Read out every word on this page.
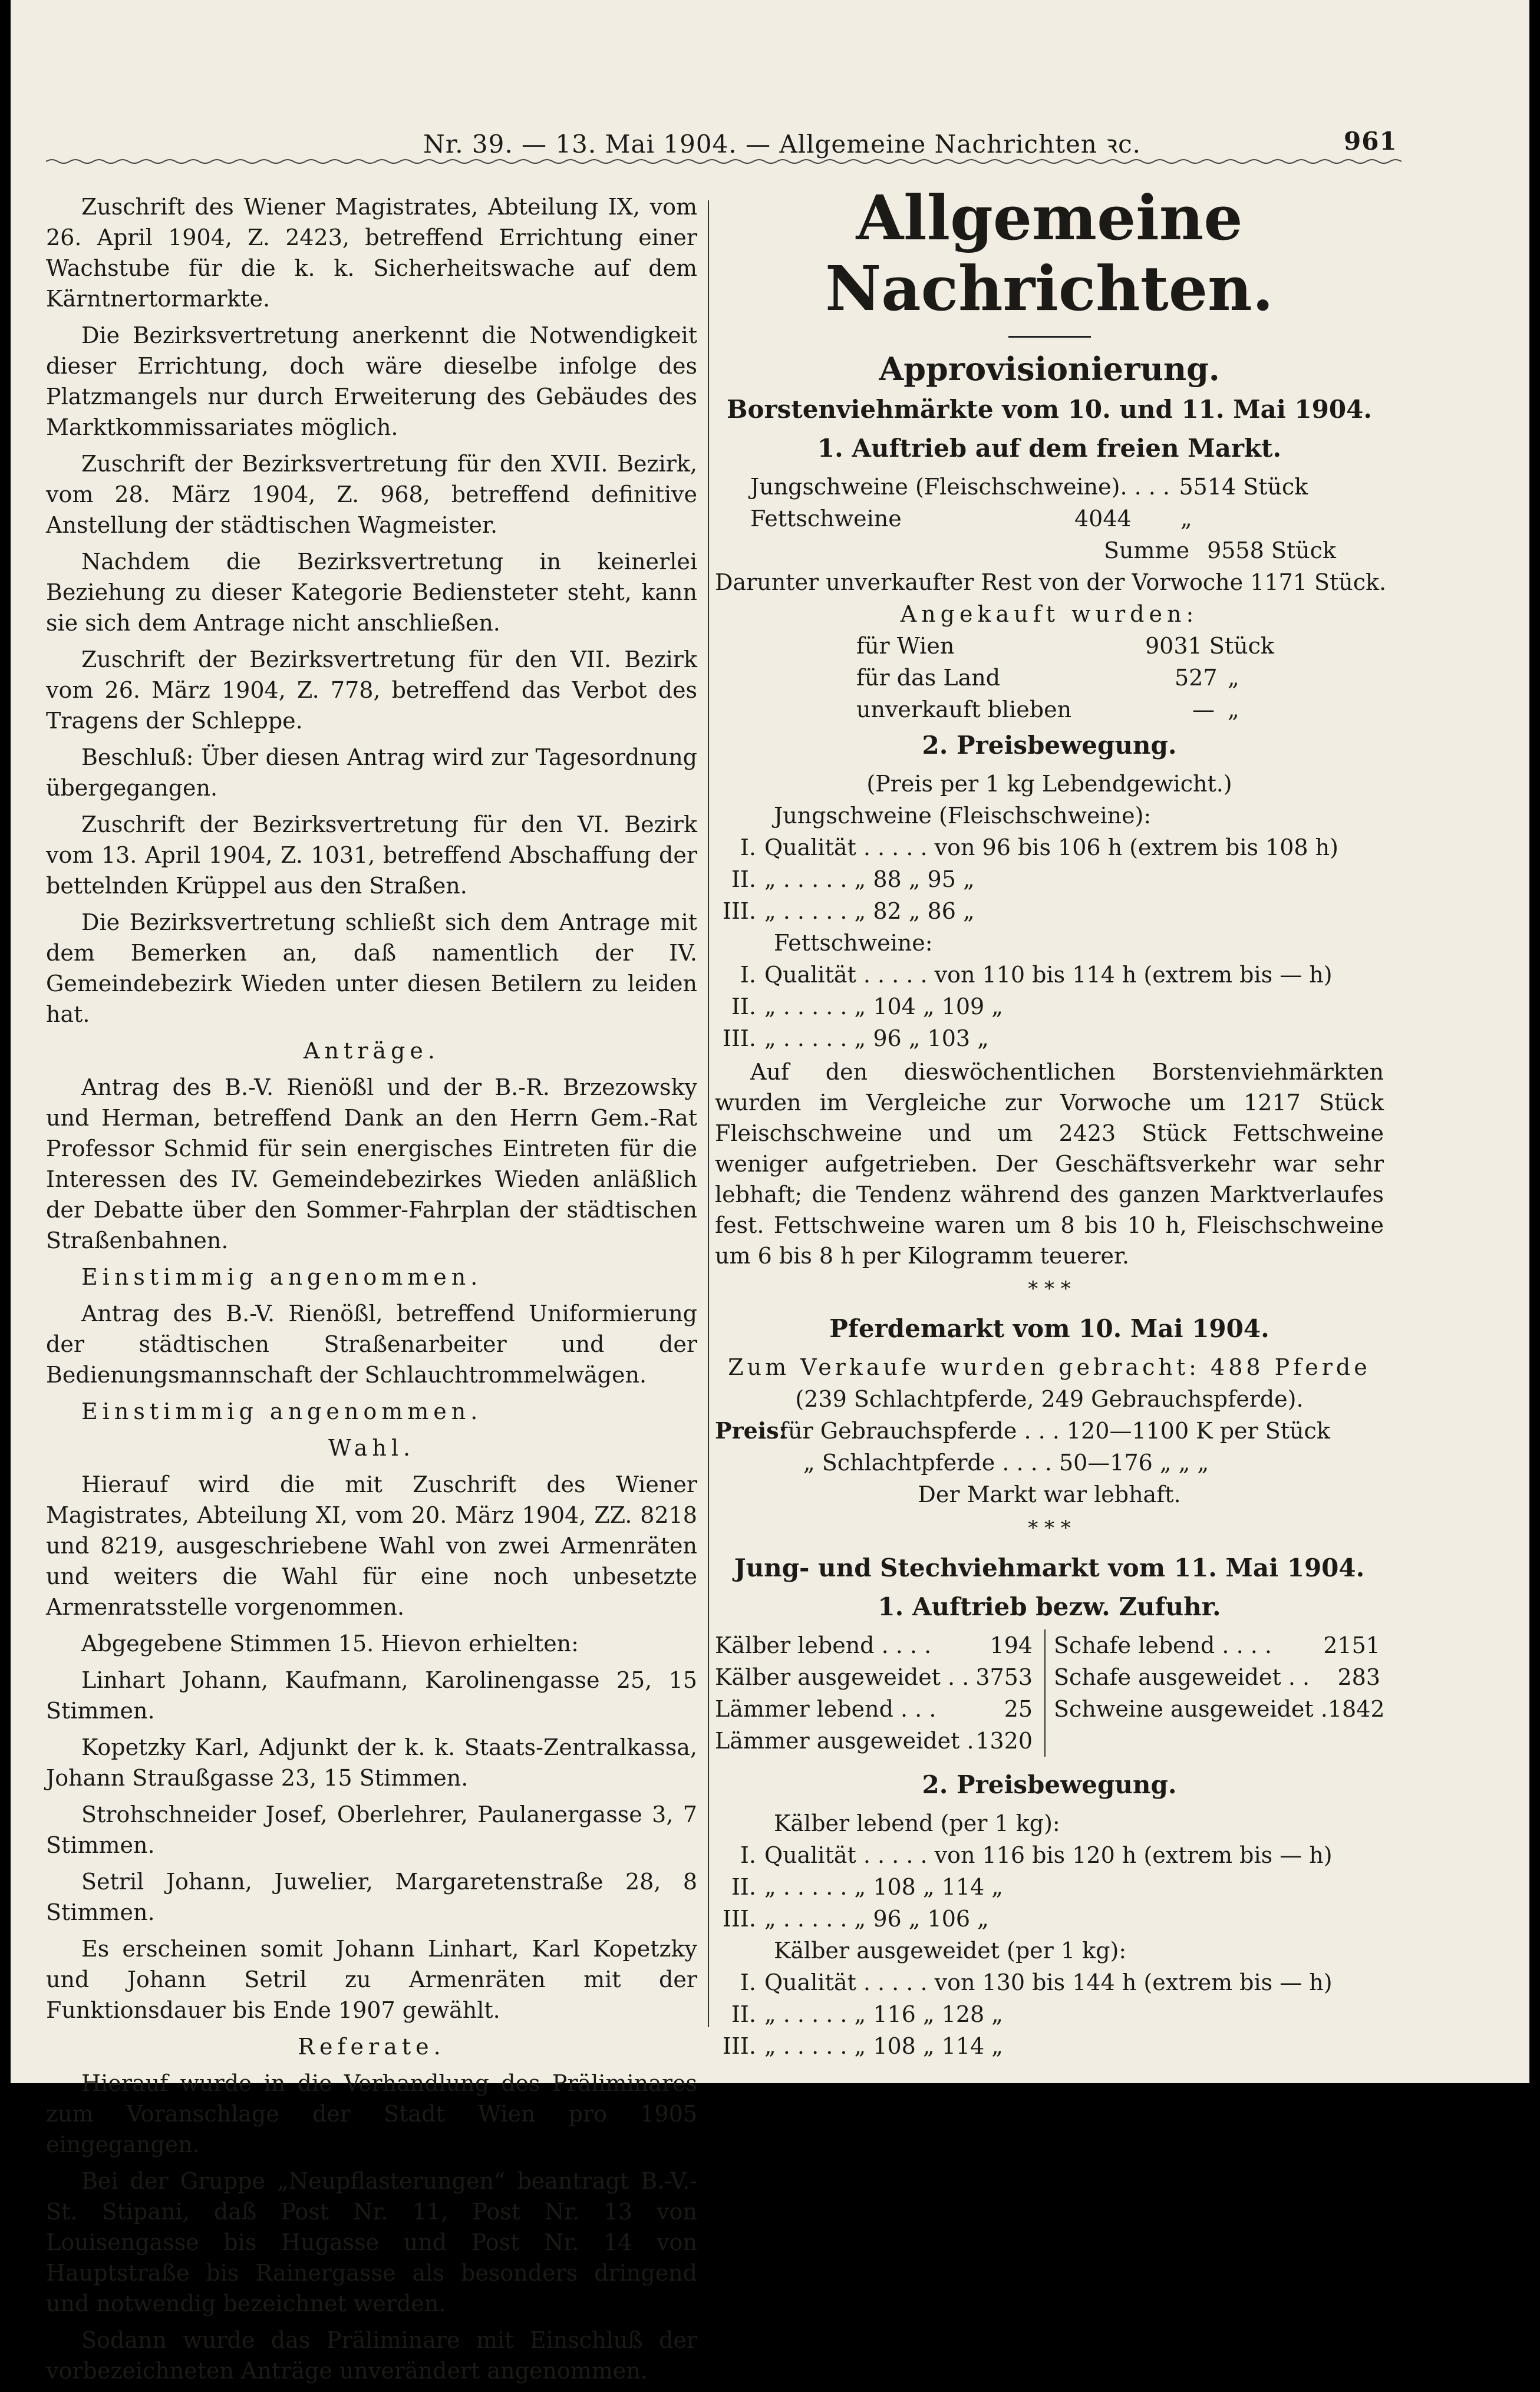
Nr. 39. — 13. Mai 1904. — Allgemeine Nachrichten ꝛc.	961

Zuschrift des Wiener Magistrates, Abteilung IX, vom 26. April 1904, Z. 2423, betreffend Errichtung einer Wachstube für die k. k. Sicherheitswache auf dem Kärntnertormarkte.

Die Bezirksvertretung anerkennt die Notwendigkeit dieser Errichtung, doch wäre dieselbe infolge des Platzmangels nur durch Erweiterung des Gebäudes des Marktkommissariates möglich.

Zuschrift der Bezirksvertretung für den XVII. Bezirk, vom 28. März 1904, Z. 968, betreffend definitive Anstellung der städtischen Wagmeister.

Nachdem die Bezirksvertretung in keinerlei Beziehung zu dieser Kategorie Bediensteter steht, kann sie sich dem Antrage nicht anschließen.

Zuschrift der Bezirksvertretung für den VII. Bezirk vom 26. März 1904, Z. 778, betreffend das Verbot des Tragens der Schleppe.

Beschluß: Über diesen Antrag wird zur Tagesordnung übergegangen.

Zuschrift der Bezirksvertretung für den VI. Bezirk vom 13. April 1904, Z. 1031, betreffend Abschaffung der bettelnden Krüppel aus den Straßen.

Die Bezirksvertretung schließt sich dem Antrage mit dem Bemerken an, daß namentlich der IV. Gemeindebezirk Wieden unter diesen Betilern zu leiden hat.

Anträge.

Antrag des B.-V. Rienößl und der B.-R. Brzezowsky und Herman, betreffend Dank an den Herrn Gem.-Rat Professor Schmid für sein energisches Eintreten für die Interessen des IV. Gemeindebezirkes Wieden anläßlich der Debatte über den Sommer-Fahrplan der städtischen Straßenbahnen.

Einstimmig angenommen.

Antrag des B.-V. Rienößl, betreffend Uniformierung der städtischen Straßenarbeiter und der Bedienungsmannschaft der Schlauchtrommelwägen.

Einstimmig angenommen.

Wahl.

Hierauf wird die mit Zuschrift des Wiener Magistrates, Abteilung XI, vom 20. März 1904, ZZ. 8218 und 8219, ausgeschriebene Wahl von zwei Armenräten und weiters die Wahl für eine noch unbesetzte Armenratsstelle vorgenommen.

Abgegebene Stimmen 15. Hievon erhielten:

Linhart Johann, Kaufmann, Karolinengasse 25, 15 Stimmen.

Kopetzky Karl, Adjunkt der k. k. Staats-Zentralkassa, Johann Straußgasse 23, 15 Stimmen.

Strohschneider Josef, Oberlehrer, Paulanergasse 3, 7 Stimmen.

Setril Johann, Juwelier, Margaretenstraße 28, 8 Stimmen.

Es erscheinen somit Johann Linhart, Karl Kopetzky und Johann Setril zu Armenräten mit der Funktionsdauer bis Ende 1907 gewählt.

Referate.

Hierauf wurde in die Verhandlung des Präliminares zum Voranschlage der Stadt Wien pro 1905 eingegangen.

Bei der Gruppe „Neupflasterungen“ beantragt B.-V.-St. Stipani, daß Post Nr. 11, Post Nr. 13 von Louisengasse bis Hugasse und Post Nr. 14 von Hauptstraße bis Rainergasse als besonders dringend und notwendig bezeichnet werden.

Sodann wurde das Präliminare mit Einschluß der vorbezeichneten Anträge unverändert angenommen.

Allgemeine Nachrichten.
Approvisionierung.
Borstenviehmärkte vom 10. und 11. Mai 1904.
1. Auftrieb auf dem freien Markt.
Jungschweine (Fleischschweine) . . . . 5514 Stück
Fettschweine	4044	„
Summe 9558 Stück
Darunter unverkaufter Rest von der Vorwoche 1171 Stück.
Angekauft wurden:
für Wien	9031 Stück
für das Land	527 „
unverkauft blieben	— „
2. Preisbewegung.
(Preis per 1 kg Lebendgewicht.)
Jungschweine (Fleischschweine):
I. Qualität . . . . . von 96 bis 106 h (extrem bis 108 h)
II. „ . . . . . „ 88 „ 95 „
III. „ . . . . . „ 82 „ 86 „
Fettschweine:
I. Qualität . . . . . von 110 bis 114 h (extrem bis — h)
II. „ . . . . . „ 104 „ 109 „
III. „ . . . . . „ 96 „ 103 „

Auf den dieswöchentlichen Borstenviehmärkten wurden im Vergleiche zur Vorwoche um 1217 Stück Fleischschweine und um 2423 Stück Fettschweine weniger aufgetrieben. Der Geschäftsverkehr war sehr lebhaft; die Tendenz während des ganzen Marktverlaufes fest. Fettschweine waren um 8 bis 10 h, Fleischschweine um 6 bis 8 h per Kilogramm teuerer.

* * *
Pferdemarkt vom 10. Mai 1904.
Zum Verkaufe wurden gebracht: 488 Pferde
(239 Schlachtpferde, 249 Gebrauchspferde).
Preis:
für Gebrauchspferde . . . 120—1100 K per Stück
„ Schlachtpferde . . . . 50—176 „ „ „
Der Markt war lebhaft.
* * *
Jung- und Stechviehmarkt vom 11. Mai 1904.
1. Auftrieb bezw. Zufuhr.
Kälber lebend . . . .	194
Kälber ausgeweidet . . 3753
Lämmer lebend . . .	25
Lämmer ausgeweidet . 1320
Schafe lebend . . . . 2151
Schafe ausgeweidet . . 283
Schweine ausgeweidet . 1842
2. Preisbewegung.
Kälber lebend (per 1 kg):
I. Qualität . . . . . von 116 bis 120 h (extrem bis — h)
II. „ . . . . . „ 108 „ 114 „
III. „ . . . . . „ 96 „ 106 „
Kälber ausgeweidet (per 1 kg):
I. Qualität . . . . . von 130 bis 144 h (extrem bis — h)
II. „ . . . . . „ 116 „ 128 „
III. „ . . . . . „ 108 „ 114 „
